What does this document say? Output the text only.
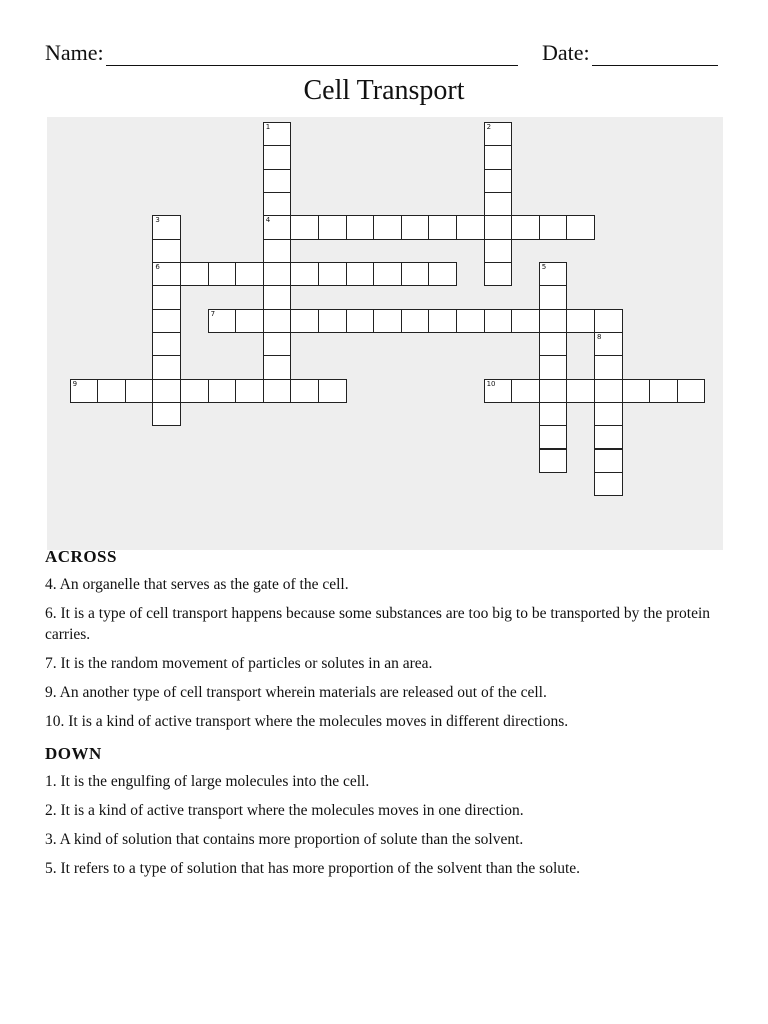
Name:	Date:
Cell Transport
1
4
2
3
6	5
7
8
9	10
ACROSS
4. An organelle that serves as the gate of the cell.
6. It is a type of cell transport happens because some substances are too big to be transported by the protein carries.
7. It is the random movement of particles or solutes in an area.
9. An another type of cell transport wherein materials are released out of the cell.
10. It is a kind of active transport where the molecules moves in different directions.
DOWN
1. It is the engulfing of large molecules into the cell.
2. It is a kind of active transport where the molecules moves in one direction.
3. A kind of solution that contains more proportion of solute than the solvent.
5. It refers to a type of solution that has more proportion of the solvent than the solute.
